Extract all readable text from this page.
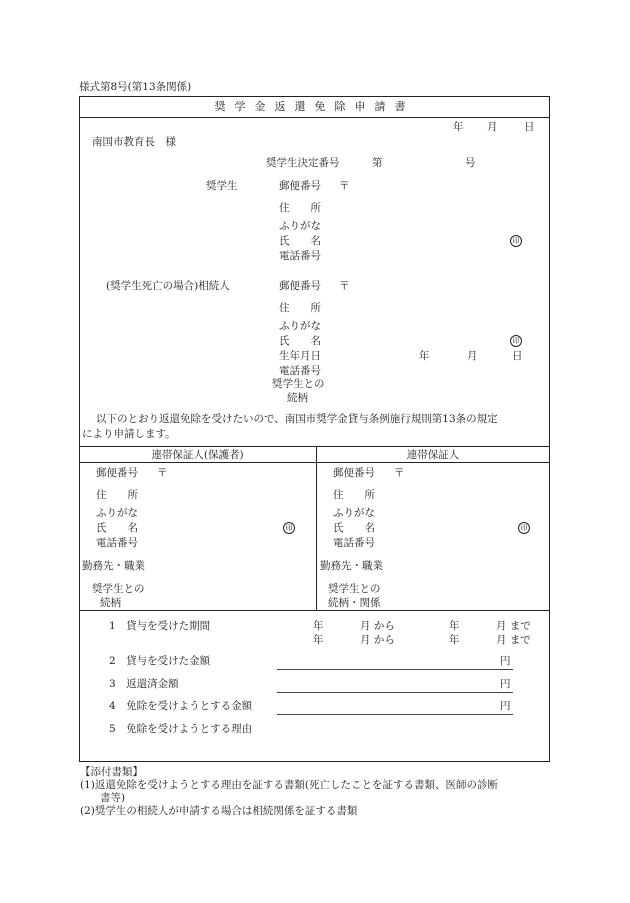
様式第8号(第13条関係)
奨学金返還免除申請書
年 月	日
南国市教育長　様
奨学生決定番号	第	号
奨学生	郵便番号 〒
住　　所
ふりがな
氏　　名	印
電話番号
(奨学生死亡の場合)相続人	郵便番号 〒
住　　所
ふりがな
氏　　名	印
生年月日	年	月	日
電話番号
奨学生との
続柄
以下のとおり返還免除を受けたいので、南国市奨学金貸与条例施行規則第13条の規定
により申請します。
連帯保証人(保護者)
郵便番号 〒
住　　所
ふりがな
氏　　名	印
電話番号
勤務先・職業
奨学生との
続柄
連帯保証人
郵便番号 〒
住　　所
ふりがな
氏　　名	印
電話番号
勤務先・職業
奨学生との
続柄・関係
1　貸与を受けた期間	年	月 から	年	月 まで
年	月 から	年	月 まで
2　貸与を受けた金額	円
3　返還済金額	円
4　免除を受けようとする金額	円
5　免除を受けようとする理由
【添付書類】
(1)返還免除を受けようとする理由を証する書類(死亡したことを証する書類、医師の診断
書等)
(2)奨学生の相続人が申請する場合は相続関係を証する書類
